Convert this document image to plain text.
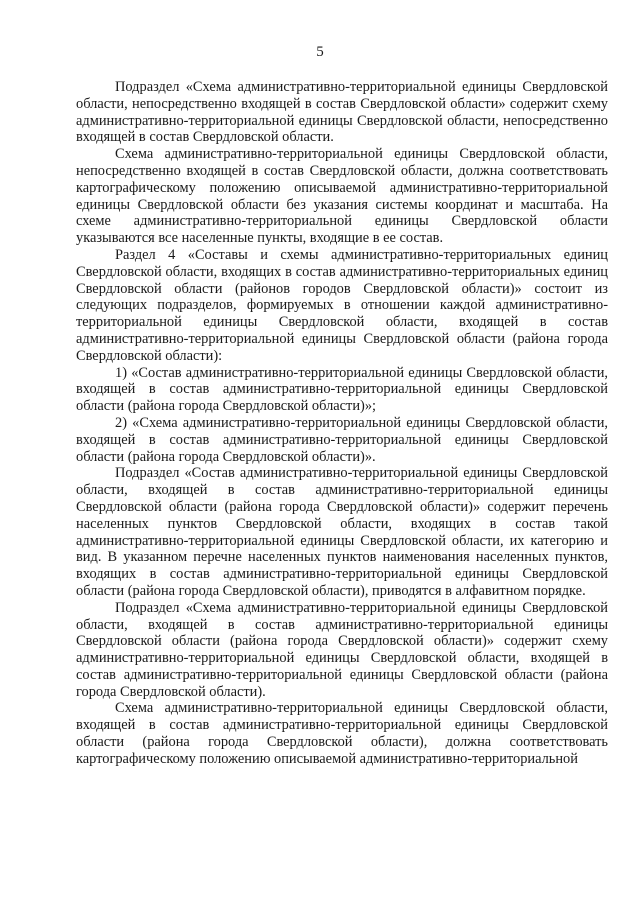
5

Подраздел «Схема административно-территориальной единицы Свердловской области, непосредственно входящей в состав Свердловской области» содержит схему административно-территориальной единицы Свердловской области, непосредственно входящей в состав Свердловской области.

Схема административно-территориальной единицы Свердловской области, непосредственно входящей в состав Свердловской области, должна соответствовать картографическому положению описываемой административно-территориальной единицы Свердловской области без указания системы координат и масштаба. На схеме административно-территориальной единицы Свердловской области указываются все населенные пункты, входящие в ее состав.

Раздел 4 «Составы и схемы административно-территориальных единиц Свердловской области, входящих в состав административно-территориальных единиц Свердловской области (районов городов Свердловской области)» состоит из следующих подразделов, формируемых в отношении каждой административно-территориальной единицы Свердловской области, входящей в состав административно-территориальной единицы Свердловской области (района города Свердловской области):

1) «Состав административно-территориальной единицы Свердловской области, входящей в состав административно-территориальной единицы Свердловской области (района города Свердловской области)»;

2) «Схема административно-территориальной единицы Свердловской области, входящей в состав административно-территориальной единицы Свердловской области (района города Свердловской области)».

Подраздел «Состав административно-территориальной единицы Свердловской области, входящей в состав административно-территориальной единицы Свердловской области (района города Свердловской области)» содержит перечень населенных пунктов Свердловской области, входящих в состав такой административно-территориальной единицы Свердловской области, их категорию и вид. В указанном перечне населенных пунктов наименования населенных пунктов, входящих в состав административно-территориальной единицы Свердловской области (района города Свердловской области), приводятся в алфавитном порядке.

Подраздел «Схема административно-территориальной единицы Свердловской области, входящей в состав административно-территориальной единицы Свердловской области (района города Свердловской области)» содержит схему административно-территориальной единицы Свердловской области, входящей в состав административно-территориальной единицы Свердловской области (района города Свердловской области).

Схема административно-территориальной единицы Свердловской области, входящей в состав административно-территориальной единицы Свердловской области (района города Свердловской области), должна соответствовать картографическому положению описываемой административно-территориальной
